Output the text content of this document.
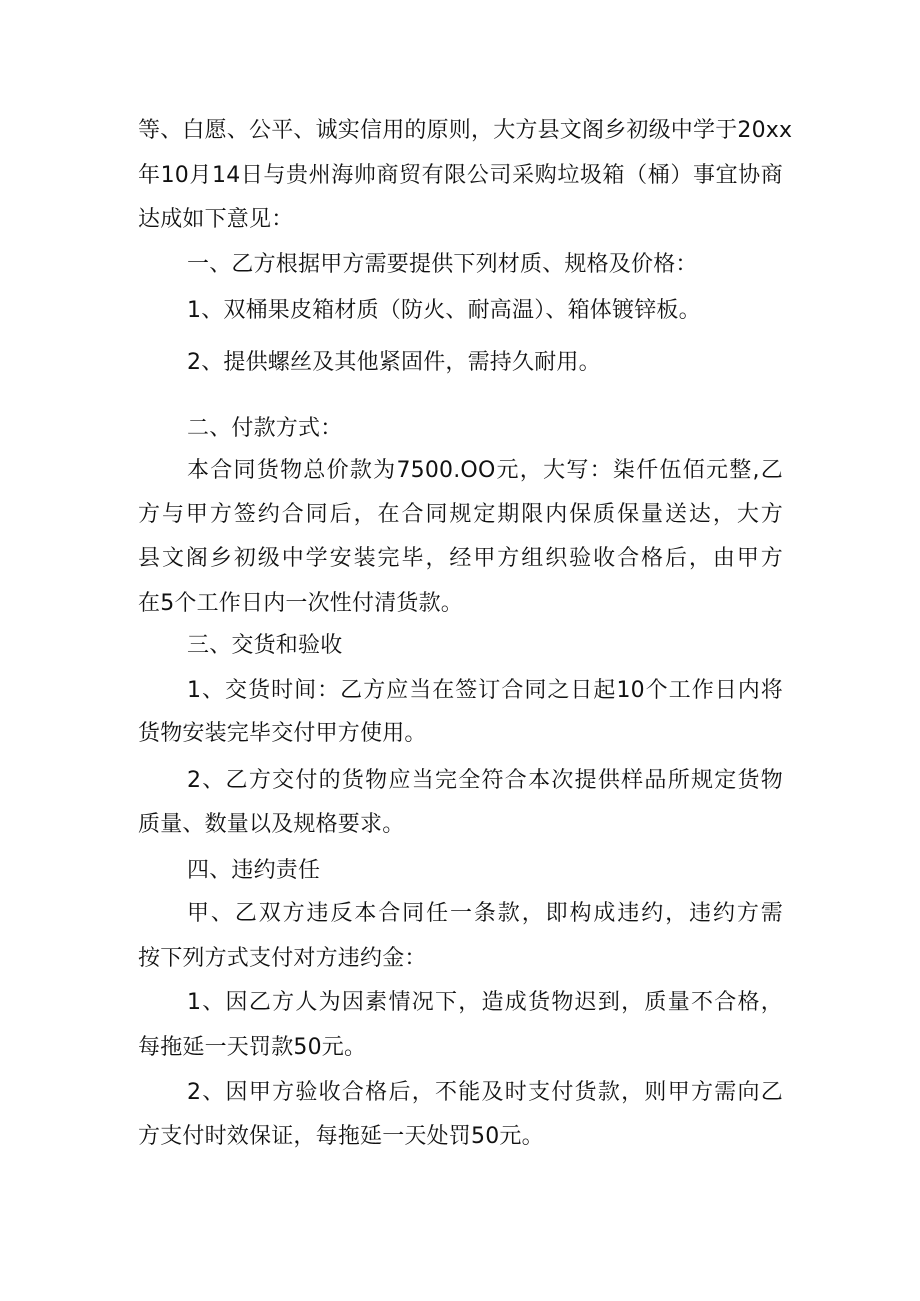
等、白愿、公平、诚实信用的原则，大方县文阁乡初级中学于20xx

年10月14日与贵州海帅商贸有限公司采购垃圾箱（桶）事宜协商

达成如下意见：

一、乙方根据甲方需要提供下列材质、规格及价格：

1、双桶果皮箱材质（防火、耐高温）、箱体镀锌板。

2、提供螺丝及其他紧固件，需持久耐用。

二、付款方式：

本合同货物总价款为7500.OO元，大写：柒仟伍佰元整,乙

方与甲方签约合同后，在合同规定期限内保质保量送达，大方

县文阁乡初级中学安装完毕，经甲方组织验收合格后，由甲方

在5个工作日内一次性付清货款。

三、交货和验收

1、交货时间：乙方应当在签订合同之日起10个工作日内将

货物安装完毕交付甲方使用。

2、乙方交付的货物应当完全符合本次提供样品所规定货物

质量、数量以及规格要求。

四、违约责任

甲、乙双方违反本合同任一条款，即构成违约，违约方需

按下列方式支付对方违约金：

1、因乙方人为因素情况下，造成货物迟到，质量不合格，

每拖延一天罚款50元。

2、因甲方验收合格后，不能及时支付货款，则甲方需向乙

方支付时效保证，每拖延一天处罚50元。
